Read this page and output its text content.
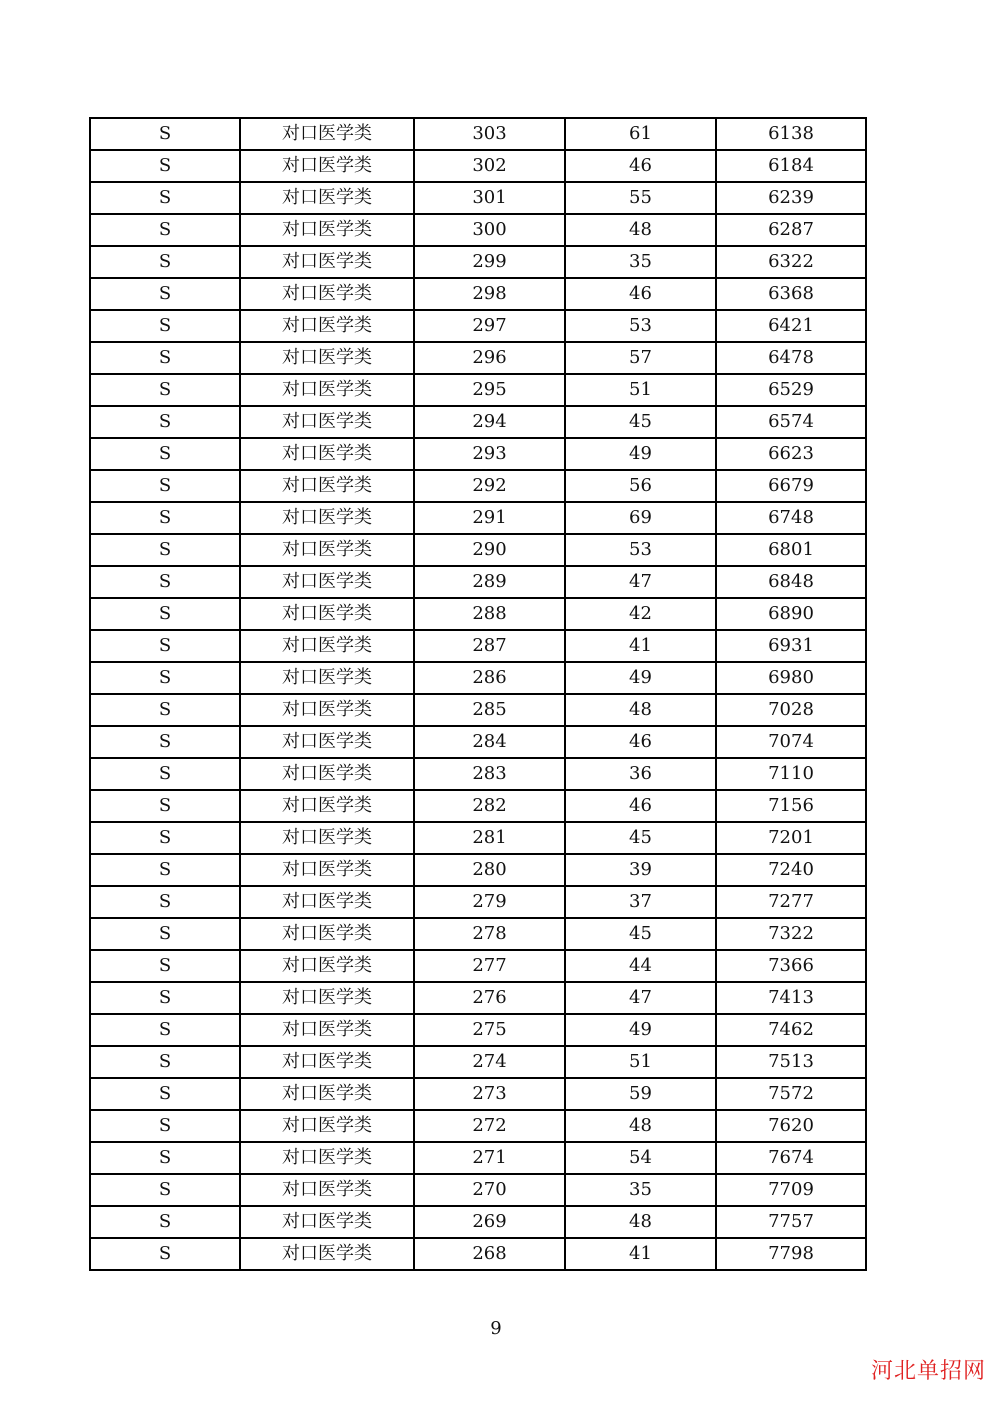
S	对口医学类	303	61	6138
S	对口医学类	302	46	6184
S	对口医学类	301	55	6239
S	对口医学类	300	48	6287
S	对口医学类	299	35	6322
S	对口医学类	298	46	6368
S	对口医学类	297	53	6421
S	对口医学类	296	57	6478
S	对口医学类	295	51	6529
S	对口医学类	294	45	6574
S	对口医学类	293	49	6623
S	对口医学类	292	56	6679
S	对口医学类	291	69	6748
S	对口医学类	290	53	6801
S	对口医学类	289	47	6848
S	对口医学类	288	42	6890
S	对口医学类	287	41	6931
S	对口医学类	286	49	6980
S	对口医学类	285	48	7028
S	对口医学类	284	46	7074
S	对口医学类	283	36	7110
S	对口医学类	282	46	7156
S	对口医学类	281	45	7201
S	对口医学类	280	39	7240
S	对口医学类	279	37	7277
S	对口医学类	278	45	7322
S	对口医学类	277	44	7366
S	对口医学类	276	47	7413
S	对口医学类	275	49	7462
S	对口医学类	274	51	7513
S	对口医学类	273	59	7572
S	对口医学类	272	48	7620
S	对口医学类	271	54	7674
S	对口医学类	270	35	7709
S	对口医学类	269	48	7757
S	对口医学类	268	41	7798
9
河北单招网
